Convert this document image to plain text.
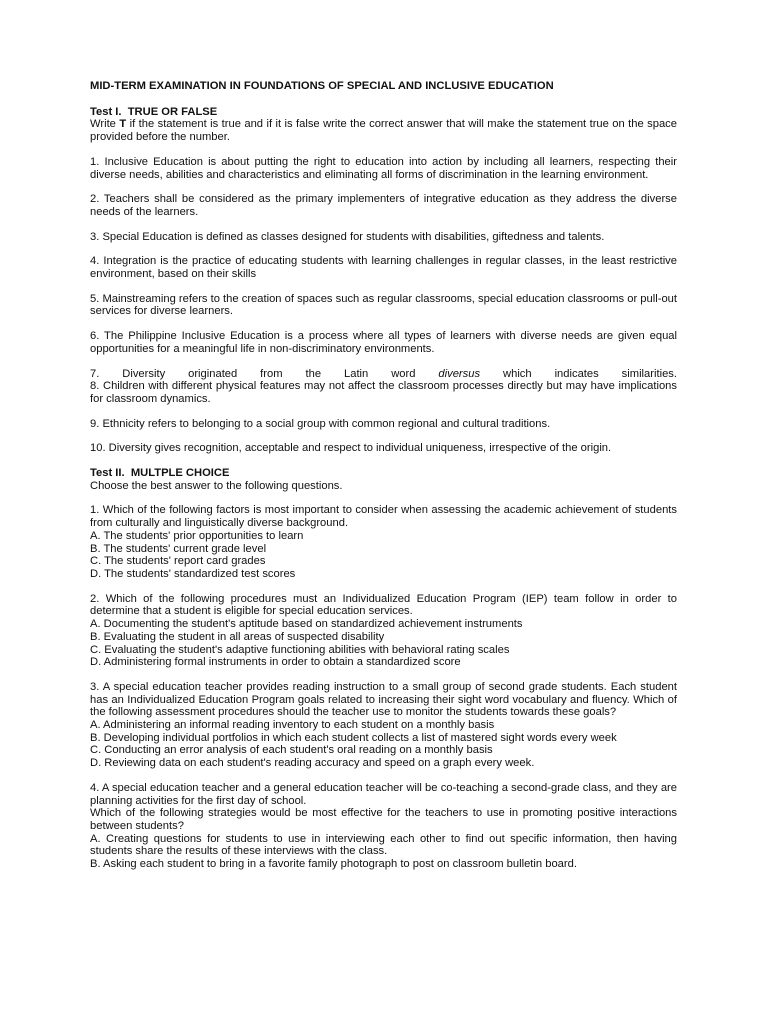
MID-TERM EXAMINATION IN FOUNDATIONS OF SPECIAL AND INCLUSIVE EDUCATION

Test I. TRUE OR FALSE

Write T if the statement is true and if it is false write the correct answer that will make the statement true on the space provided before the number.

1. Inclusive Education is about putting the right to education into action by including all learners, respecting their diverse needs, abilities and characteristics and eliminating all forms of discrimination in the learning environment.

2. Teachers shall be considered as the primary implementers of integrative education as they address the diverse needs of the learners.

3. Special Education is defined as classes designed for students with disabilities, giftedness and talents.

4. Integration is the practice of educating students with learning challenges in regular classes, in the least restrictive environment, based on their skills

5. Mainstreaming refers to the creation of spaces such as regular classrooms, special education classrooms or pull-out services for diverse learners.

6. The Philippine Inclusive Education is a process where all types of learners with diverse needs are given equal opportunities for a meaningful life in non-discriminatory environments.

7. Diversity originated from the Latin word diversus which indicates similarities.

8. Children with different physical features may not affect the classroom processes directly but may have implications for classroom dynamics.

9. Ethnicity refers to belonging to a social group with common regional and cultural traditions.

10. Diversity gives recognition, acceptable and respect to individual uniqueness, irrespective of the origin.

Test II. MULTPLE CHOICE

Choose the best answer to the following questions.

1. Which of the following factors is most important to consider when assessing the academic achievement of students from culturally and linguistically diverse background.

A. The students' prior opportunities to learn

B. The students' current grade level

C. The students' report card grades

D. The students' standardized test scores

2. Which of the following procedures must an Individualized Education Program (IEP) team follow in order to determine that a student is eligible for special education services.

A. Documenting the student's aptitude based on standardized achievement instruments

B. Evaluating the student in all areas of suspected disability

C. Evaluating the student's adaptive functioning abilities with behavioral rating scales

D. Administering formal instruments in order to obtain a standardized score

3. A special education teacher provides reading instruction to a small group of second grade students. Each student has an Individualized Education Program goals related to increasing their sight word vocabulary and fluency. Which of the following assessment procedures should the teacher use to monitor the students towards these goals?

A. Administering an informal reading inventory to each student on a monthly basis

B. Developing individual portfolios in which each student collects a list of mastered sight words every week

C. Conducting an error analysis of each student's oral reading on a monthly basis

D. Reviewing data on each student's reading accuracy and speed on a graph every week.

4. A special education teacher and a general education teacher will be co-teaching a second-grade class, and they are planning activities for the first day of school.

Which of the following strategies would be most effective for the teachers to use in promoting positive interactions between students?

A. Creating questions for students to use in interviewing each other to find out specific information, then having students share the results of these interviews with the class.

B. Asking each student to bring in a favorite family photograph to post on classroom bulletin board.
